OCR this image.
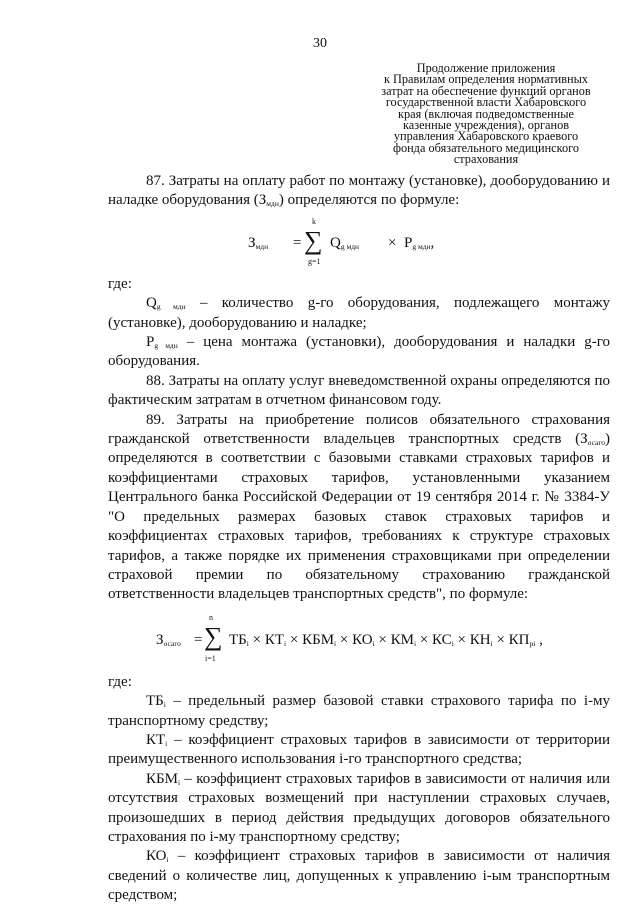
30
Продолжение приложения
к Правилам определения нормативных
затрат на обеспечение функций органов
государственной власти Хабаровского
края (включая подведомственные
казенные учреждения), органов
управления Хабаровского краевого
фонда обязательного медицинского
страхования

87. Затраты на оплату работ по монтажу (установке), дооборудованию и наладке оборудования $(З_{мдн})$ определяются по формуле:

$З_{мдн}$ =
k
∑
g=1
$Q_{g мдн} \times P_{g мдн}$,

где:

$Q_{g мдн}$ – количество g-го оборудования, подлежащего монтажу (установке), дооборудованию и наладке;

$P_{g мдн}$ – цена монтажа (установки), дооборудования и наладки g-го оборудования.

88. Затраты на оплату услуг вневедомственной охраны определяются по фактическим затратам в отчетном финансовом году.

89. Затраты на приобретение полисов обязательного страхования гражданской ответственности владельцев транспортных средств $(З_{осаго})$ определяются в соответствии с базовыми ставками страховых тарифов и коэффициентами страховых тарифов, установленными указанием Центрального банка Российской Федерации от 19 сентября 2014 г. № 3384-У "О предельных размерах базовых ставок страховых тарифов и коэффициентах страховых тарифов, требованиях к структуре страховых тарифов, а также порядке их применения страховщиками при определении страховой премии по обязательному страхованию гражданской ответственности владельцев транспортных средств", по формуле:

$З_{осаго}$ =
n
∑
i=1
$ТБ_i \times КТ_i \times КБМ_i \times КО_i \times КМ_i \times КС_i \times КН_i \times КП_{pi}$ ,

где:

$ТБ_i$ – предельный размер базовой ставки страхового тарифа по i-му транспортному средству;

$КТ_i$ – коэффициент страховых тарифов в зависимости от территории преимущественного использования i-го транспортного средства;

$КБМ_i$ – коэффициент страховых тарифов в зависимости от наличия или отсутствия страховых возмещений при наступлении страховых случаев, произошедших в период действия предыдущих договоров обязательного страхования по i-му транспортному средству;

$КО_i$ – коэффициент страховых тарифов в зависимости от наличия сведений о количестве лиц, допущенных к управлению i-ым транспортным средством;
